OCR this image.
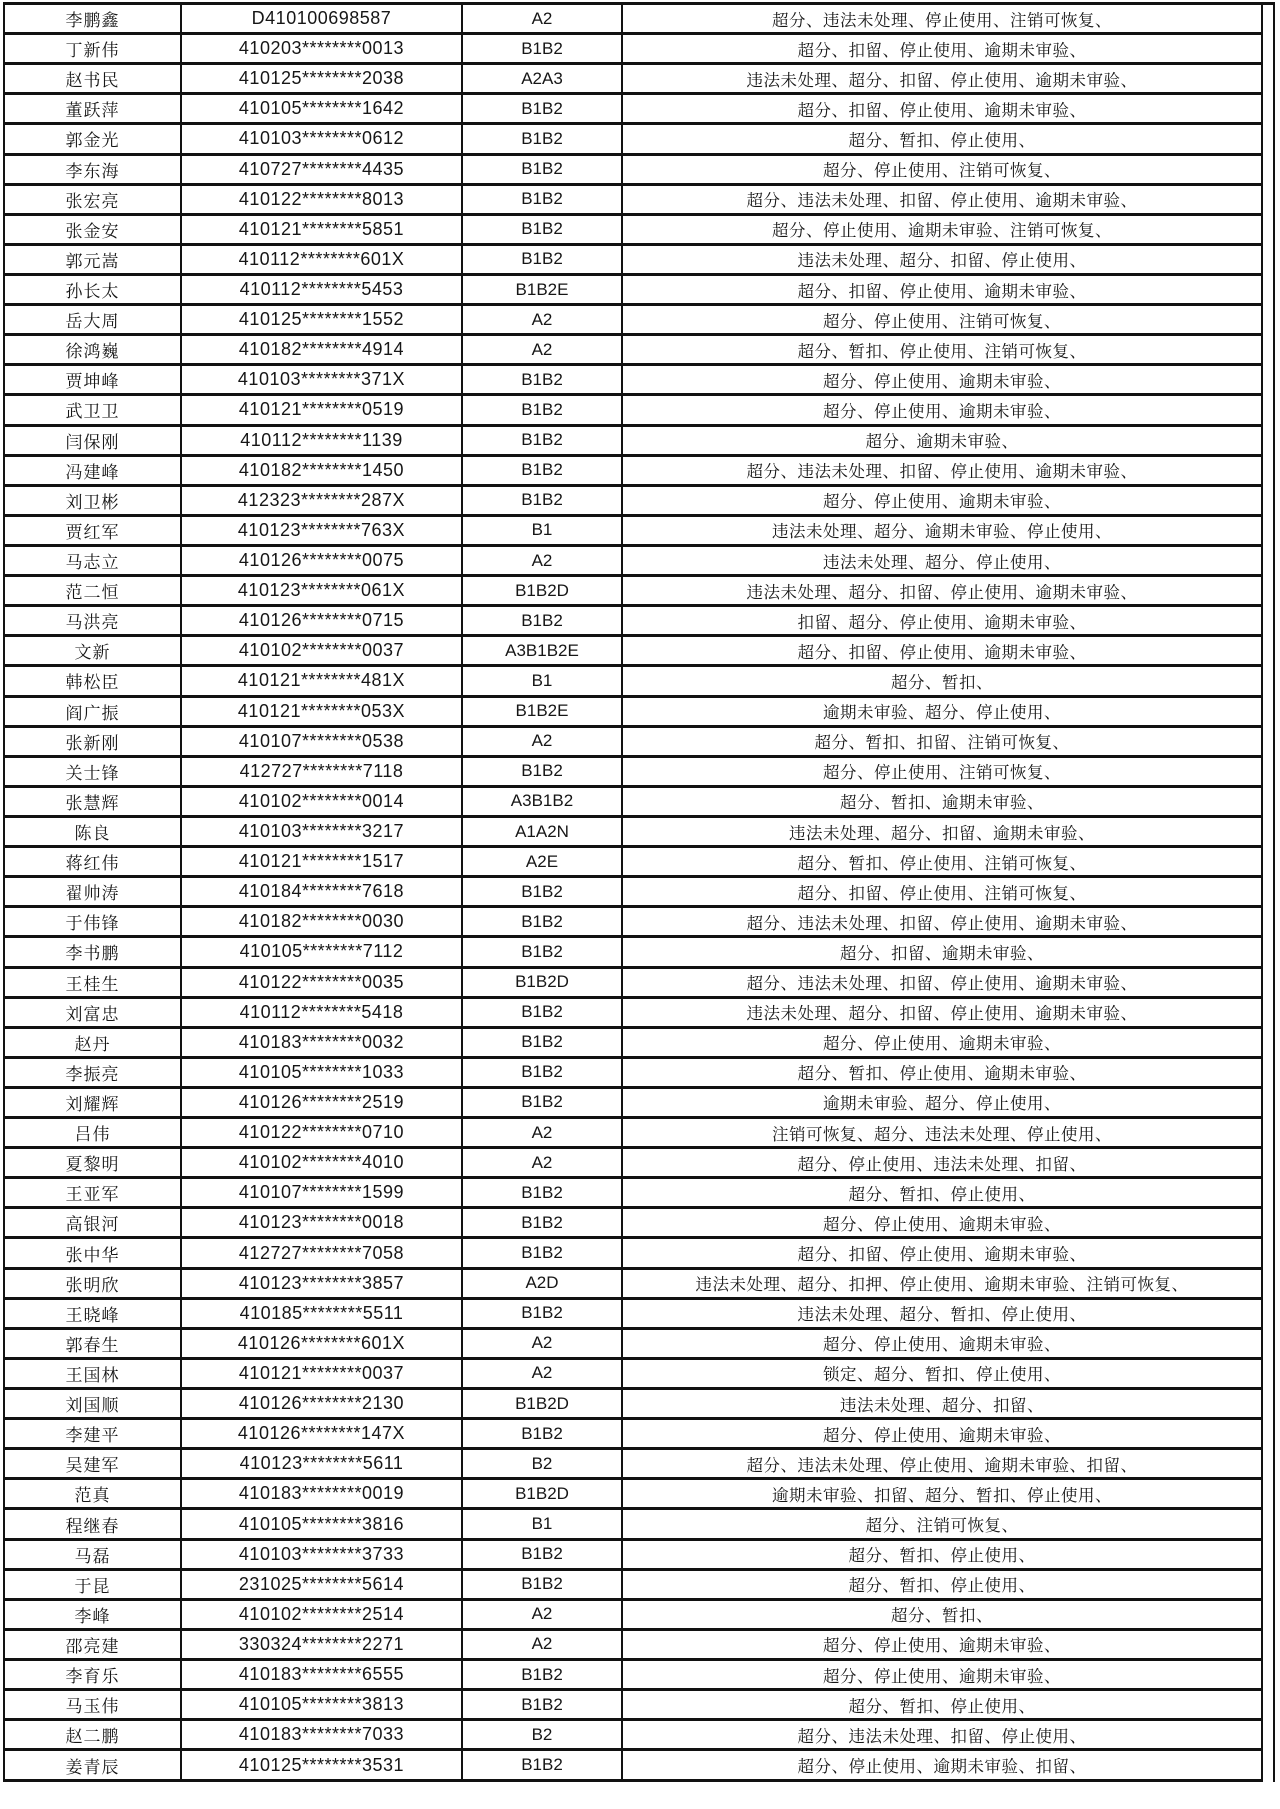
李鹏鑫	D410100698587	A2	超分、违法未处理、停止使用、注销可恢复、
丁新伟	410203********0013	B1B2	超分、扣留、停止使用、逾期未审验、
赵书民	410125********2038	A2A3	违法未处理、超分、扣留、停止使用、逾期未审验、
董跃萍	410105********1642	B1B2	超分、扣留、停止使用、逾期未审验、
郭金光	410103********0612	B1B2	超分、暂扣、停止使用、
李东海	410727********4435	B1B2	超分、停止使用、注销可恢复、
张宏亮	410122********8013	B1B2	超分、违法未处理、扣留、停止使用、逾期未审验、
张金安	410121********5851	B1B2	超分、停止使用、逾期未审验、注销可恢复、
郭元嵩	410112********601X	B1B2	违法未处理、超分、扣留、停止使用、
孙长太	410112********5453	B1B2E	超分、扣留、停止使用、逾期未审验、
岳大周	410125********1552	A2	超分、停止使用、注销可恢复、
徐鸿巍	410182********4914	A2	超分、暂扣、停止使用、注销可恢复、
贾坤峰	410103********371X	B1B2	超分、停止使用、逾期未审验、
武卫卫	410121********0519	B1B2	超分、停止使用、逾期未审验、
闫保刚	410112********1139	B1B2	超分、逾期未审验、
冯建峰	410182********1450	B1B2	超分、违法未处理、扣留、停止使用、逾期未审验、
刘卫彬	412323********287X	B1B2	超分、停止使用、逾期未审验、
贾红军	410123********763X	B1	违法未处理、超分、逾期未审验、停止使用、
马志立	410126********0075	A2	违法未处理、超分、停止使用、
范二恒	410123********061X	B1B2D	违法未处理、超分、扣留、停止使用、逾期未审验、
马洪亮	410126********0715	B1B2	扣留、超分、停止使用、逾期未审验、
文新	410102********0037	A3B1B2E	超分、扣留、停止使用、逾期未审验、
韩松臣	410121********481X	B1	超分、暂扣、
阎广振	410121********053X	B1B2E	逾期未审验、超分、停止使用、
张新刚	410107********0538	A2	超分、暂扣、扣留、注销可恢复、
关士锋	412727********7118	B1B2	超分、停止使用、注销可恢复、
张慧辉	410102********0014	A3B1B2	超分、暂扣、逾期未审验、
陈良	410103********3217	A1A2N	违法未处理、超分、扣留、逾期未审验、
蒋红伟	410121********1517	A2E	超分、暂扣、停止使用、注销可恢复、
翟帅涛	410184********7618	B1B2	超分、扣留、停止使用、注销可恢复、
于伟锋	410182********0030	B1B2	超分、违法未处理、扣留、停止使用、逾期未审验、
李书鹏	410105********7112	B1B2	超分、扣留、逾期未审验、
王桂生	410122********0035	B1B2D	超分、违法未处理、扣留、停止使用、逾期未审验、
刘富忠	410112********5418	B1B2	违法未处理、超分、扣留、停止使用、逾期未审验、
赵丹	410183********0032	B1B2	超分、停止使用、逾期未审验、
李振亮	410105********1033	B1B2	超分、暂扣、停止使用、逾期未审验、
刘耀辉	410126********2519	B1B2	逾期未审验、超分、停止使用、
吕伟	410122********0710	A2	注销可恢复、超分、违法未处理、停止使用、
夏黎明	410102********4010	A2	超分、停止使用、违法未处理、扣留、
王亚军	410107********1599	B1B2	超分、暂扣、停止使用、
高银河	410123********0018	B1B2	超分、停止使用、逾期未审验、
张中华	412727********7058	B1B2	超分、扣留、停止使用、逾期未审验、
张明欣	410123********3857	A2D	违法未处理、超分、扣押、停止使用、逾期未审验、注销可恢复、
王晓峰	410185********5511	B1B2	违法未处理、超分、暂扣、停止使用、
郭春生	410126********601X	A2	超分、停止使用、逾期未审验、
王国林	410121********0037	A2	锁定、超分、暂扣、停止使用、
刘国顺	410126********2130	B1B2D	违法未处理、超分、扣留、
李建平	410126********147X	B1B2	超分、停止使用、逾期未审验、
吴建军	410123********5611	B2	超分、违法未处理、停止使用、逾期未审验、扣留、
范真	410183********0019	B1B2D	逾期未审验、扣留、超分、暂扣、停止使用、
程继春	410105********3816	B1	超分、注销可恢复、
马磊	410103********3733	B1B2	超分、暂扣、停止使用、
于昆	231025********5614	B1B2	超分、暂扣、停止使用、
李峰	410102********2514	A2	超分、暂扣、
邵亮建	330324********2271	A2	超分、停止使用、逾期未审验、
李育乐	410183********6555	B1B2	超分、停止使用、逾期未审验、
马玉伟	410105********3813	B1B2	超分、暂扣、停止使用、
赵二鹏	410183********7033	B2	超分、违法未处理、扣留、停止使用、
姜青辰	410125********3531	B1B2	超分、停止使用、逾期未审验、扣留、
